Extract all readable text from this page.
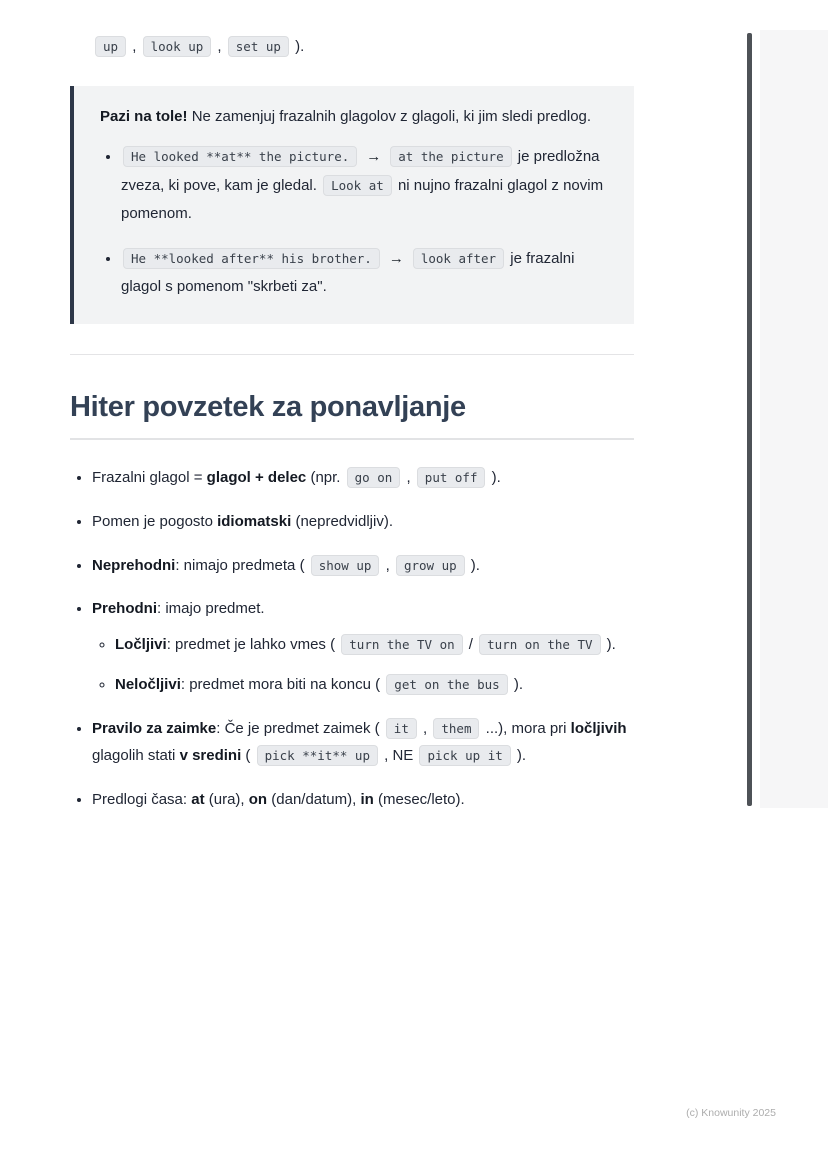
up , look up , set up ).

Pazi na tole! Ne zamenjuj frazalnih glagolov z glagoli, ki jim sledi predlog.

• He looked **at** the picture. → at the picture je predložna zveza, ki pove, kam je gledal. Look at ni nujno frazalni glagol z novim pomenom.
• He **looked after** his brother. → look after je frazalni glagol s pomenom "skrbeti za".
Hiter povzetek za ponavljanje
• Frazalni glagol = glagol + delec (npr. go on , put off ).
• Pomen je pogosto idiomatski (nepredvidljiv).
• Neprehodni: nimajo predmeta ( show up , grow up ).
• Prehodni: imajo predmet.
◦ Ločljivi: predmet je lahko vmes ( turn the TV on / turn on the TV ).
◦ Neločljivi: predmet mora biti na koncu ( get on the bus ).
• Pravilo za zaimke: Če je predmet zaimek ( it , them ...), mora pri ločljivih glagolih stati v sredini ( pick **it** up , NE pick up it ).
• Predlogi časa: at (ura), on (dan/datum), in (mesec/leto).
(c) Knowunity 2025
